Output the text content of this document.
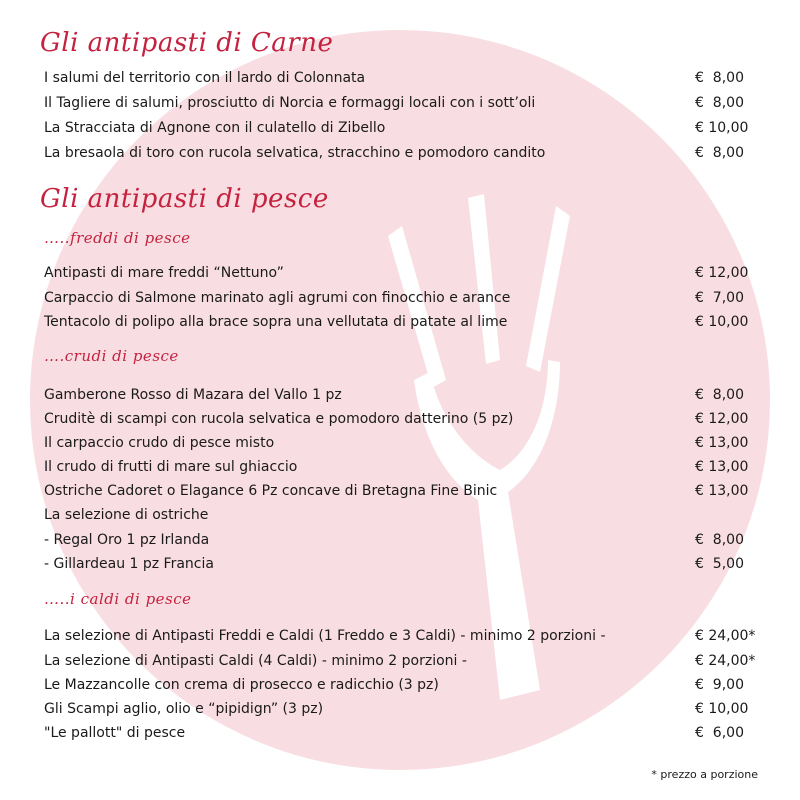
Gli antipasti di Carne
I salumi del territorio con il lardo di Colonnata	€  8,00
Il Tagliere di salumi, prosciutto di Norcia e formaggi locali con i sott’oli	€  8,00
La Stracciata di Agnone con il culatello di Zibello	€ 10,00
La bresaola di toro con rucola selvatica, stracchino e pomodoro candito	€  8,00
Gli antipasti di pesce
…..freddi di pesce
Antipasti di mare freddi “Nettuno”	€ 12,00
Carpaccio di Salmone marinato agli agrumi con finocchio e arance	€  7,00
Tentacolo di polipo alla brace sopra una vellutata di patate al lime	€ 10,00
….crudi di pesce
Gamberone Rosso di Mazara del Vallo 1 pz	€  8,00
Cruditè di scampi con rucola selvatica e pomodoro datterino (5 pz)	€ 12,00
Il carpaccio crudo di pesce misto	€ 13,00
Il crudo di frutti di mare sul ghiaccio	€ 13,00
Ostriche Cadoret o Elagance 6 Pz concave di Bretagna Fine Binic	€ 13,00
La selezione di ostriche
- Regal Oro 1 pz Irlanda	€  8,00
- Gillardeau 1 pz Francia	€  5,00
…..i caldi di pesce
La selezione di Antipasti Freddi e Caldi (1 Freddo e 3 Caldi) - minimo 2 porzioni -	€ 24,00*
La selezione di Antipasti Caldi (4 Caldi) - minimo 2 porzioni -	€ 24,00*
Le Mazzancolle con crema di prosecco e radicchio (3 pz)	€  9,00
Gli Scampi aglio, olio e “pipidign” (3 pz)	€ 10,00
"Le pallott" di pesce	€  6,00
* prezzo a porzione
